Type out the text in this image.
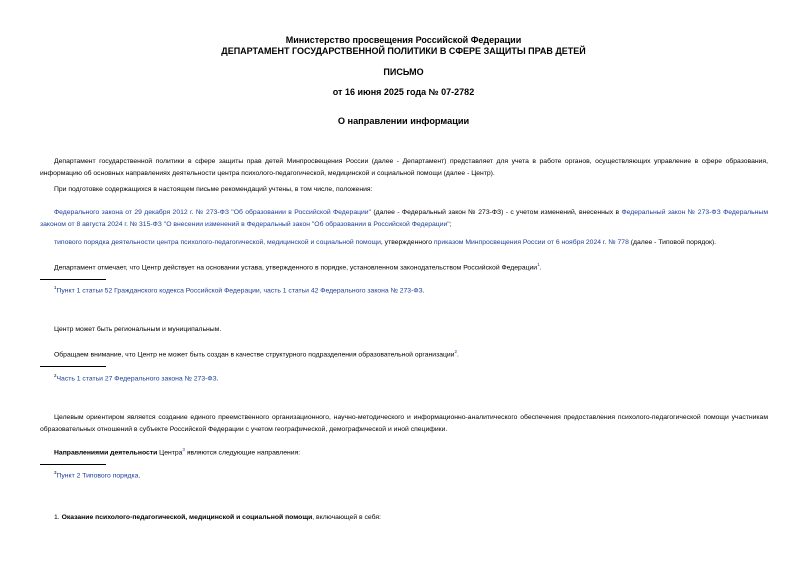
Министерство просвещения Российской Федерации
ДЕПАРТАМЕНТ ГОСУДАРСТВЕННОЙ ПОЛИТИКИ В СФЕРЕ ЗАЩИТЫ ПРАВ ДЕТЕЙ
ПИСЬМО
от 16 июня 2025 года № 07-2782
О направлении информации
Департамент государственной политики в сфере защиты прав детей Минпросвещения России (далее - Департамент) представляет для учета в работе органов, осуществляющих управление в сфере образования, информацию об основных направлениях деятельности центра психолого-педагогической, медицинской и социальной помощи (далее - Центр).
При подготовке содержащихся в настоящем письме рекомендаций учтены, в том числе, положения:
Федерального закона от 29 декабря 2012 г. № 273-ФЗ "Об образовании в Российской Федерации" (далее - Федеральный закон № 273-ФЗ) - с учетом изменений, внесенных в Федеральный закон № 273-ФЗ Федеральным законом от 8 августа 2024 г. № 315-ФЗ "О внесении изменений в Федеральный закон "Об образовании в Российской Федерации";
типового порядка деятельности центра психолого-педагогической, медицинской и социальной помощи, утвержденного приказом Минпросвещения России от 6 ноября 2024 г. № 778 (далее - Типовой порядок).
Департамент отмечает, что Центр действует на основании устава, утвержденного в порядке, установленном законодательством Российской Федерации$^1$.
$^1$Пункт 1 статьи 52 Гражданского кодекса Российской Федерации, часть 1 статьи 42 Федерального закона № 273-ФЗ.
Центр может быть региональным и муниципальным.
Обращаем внимание, что Центр не может быть создан в качестве структурного подразделения образовательной организации$^2$.
$^2$Часть 1 статьи 27 Федерального закона № 273-ФЗ.
Целевым ориентиром является создание единого преемственного организационного, научно-методического и информационно-аналитического обеспечения предоставления психолого-педагогической помощи участникам образовательных отношений в субъекте Российской Федерации с учетом географической, демографической и иной специфики.
Направлениями деятельности Центра$^3$ являются следующие направления:
$^3$Пункт 2 Типового порядка.
1. Оказание психолого-педагогической, медицинской и социальной помощи, включающей в себя:
